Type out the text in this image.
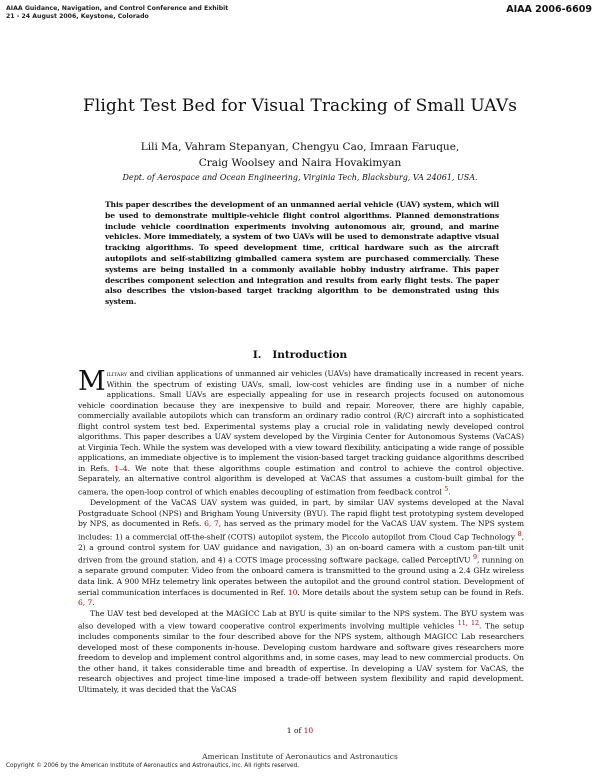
AIAA Guidance, Navigation, and Control Conference and Exhibit
21 - 24 August 2006, Keystone, Colorado
AIAA 2006-6609
Flight Test Bed for Visual Tracking of Small UAVs
Lili Ma, Vahram Stepanyan, Chengyu Cao, Imraan Faruque,
Craig Woolsey and Naira Hovakimyan
Dept. of Aerospace and Ocean Engineering, Virginia Tech, Blacksburg, VA 24061, USA.
This paper describes the development of an unmanned aerial vehicle (UAV) system, which will be used to demonstrate multiple-vehicle flight control algorithms. Planned demonstrations include vehicle coordination experiments involving autonomous air, ground, and marine vehicles. More immediately, a system of two UAVs will be used to demonstrate adaptive visual tracking algorithms. To speed development time, critical hardware such as the aircraft autopilots and self-stabilizing gimballed camera system are purchased commercially. These systems are being installed in a commonly available hobby industry airframe. This paper describes component selection and integration and results from early flight tests. The paper also describes the vision-based target tracking algorithm to be demonstrated using this system.
I. Introduction

Military and civilian applications of unmanned air vehicles (UAVs) have dramatically increased in recent years. Within the spectrum of existing UAVs, small, low-cost vehicles are finding use in a number of niche applications. Small UAVs are especially appealing for use in research projects focused on autonomous vehicle coordination because they are inexpensive to build and repair. Moreover, there are highly capable, commercially available autopilots which can transform an ordinary radio control (R/C) aircraft into a sophisticated flight control system test bed. Experimental systems play a crucial role in validating newly developed control algorithms. This paper describes a UAV system developed by the Virginia Center for Autonomous Systems (VaCAS) at Virginia Tech. While the system was developed with a view toward flexibility, anticipating a wide range of possible applications, an immediate objective is to implement the vision-based target tracking guidance algorithms described in Refs. 1–4. We note that these algorithms couple estimation and control to achieve the control objective. Separately, an alternative control algorithm is developed at VaCAS that assumes a custom-built gimbal for the camera, the open-loop control of which enables decoupling of estimation from feedback control $^5$.

Development of the VaCAS UAV system was guided, in part, by similar UAV systems developed at the Naval Postgraduate School (NPS) and Brigham Young University (BYU). The rapid flight test prototyping system developed by NPS, as documented in Refs. 6, 7, has served as the primary model for the VaCAS UAV system. The NPS system includes: 1) a commercial off-the-shelf (COTS) autopilot system, the Piccolo autopilot from Cloud Cap Technology $^8$, 2) a ground control system for UAV guidance and navigation, 3) an on-board camera with a custom pan-tilt unit driven from the ground station, and 4) a COTS image processing software package, called PerceptiVU $^9$, running on a separate ground computer. Video from the onboard camera is transmitted to the ground using a 2.4 GHz wireless data link. A 900 MHz telemetry link operates between the autopilot and the ground control station. Development of serial communication interfaces is documented in Ref. 10. More details about the system setup can be found in Refs. 6, 7.

The UAV test bed developed at the MAGICC Lab at BYU is quite similar to the NPS system. The BYU system was also developed with a view toward cooperative control experiments involving multiple vehicles $^{11, 12}$. The setup includes components similar to the four described above for the NPS system, although MAGICC Lab researchers developed most of these components in-house. Developing custom hardware and software gives researchers more freedom to develop and implement control algorithms and, in some cases, may lead to new commercial products. On the other hand, it takes considerable time and breadth of expertise. In developing a UAV system for VaCAS, the research objectives and project time-line imposed a trade-off between system flexibility and rapid development. Ultimately, it was decided that the VaCAS

1 of 10
American Institute of Aeronautics and Astronautics
Copyright © 2006 by the American Institute of Aeronautics and Astronautics, Inc. All rights reserved.
